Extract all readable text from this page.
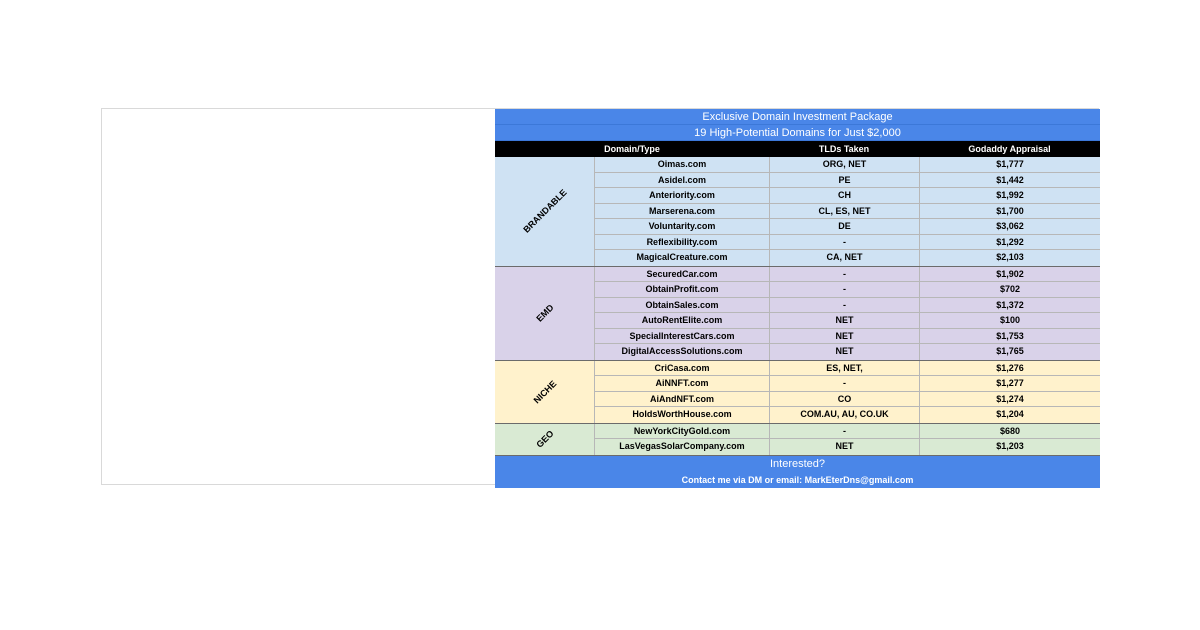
Exclusive Domain Investment Package
19 High-Potential Domains for Just $2,000
Domain/Type	TLDs Taken	Godaddy Appraisal
BRANDABLE
Oimas.com	ORG, NET	$1,777
Asidel.com	PE	$1,442
Anteriority.com	CH	$1,992
Marserena.com	CL, ES, NET	$1,700
Voluntarity.com	DE	$3,062
Reflexibility.com	-	$1,292
MagicalCreature.com	CA, NET	$2,103
EMD
SecuredCar.com	-	$1,902
ObtainProfit.com	-	$702
ObtainSales.com	-	$1,372
AutoRentElite.com	NET	$100
SpecialInterestCars.com	NET	$1,753
DigitalAccessSolutions.com	NET	$1,765
NICHE
CriCasa.com	ES, NET,	$1,276
AiNNFT.com	-	$1,277
AiAndNFT.com	CO	$1,274
HoldsWorthHouse.com	COM.AU, AU, CO.UK	$1,204
GEO	NewYorkCityGold.com	-	$680
LasVegasSolarCompany.com	NET	$1,203
Interested?
Contact me via DM or email: MarkEterDns@gmail.com
